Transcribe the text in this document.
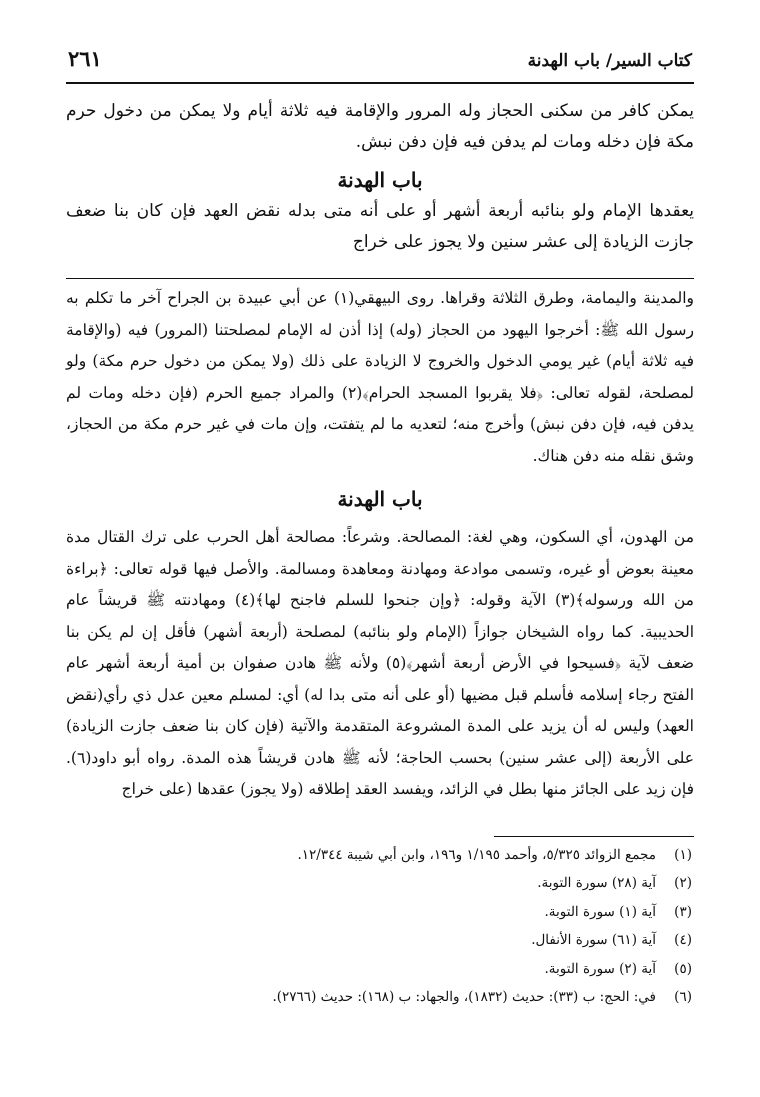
كتاب السير/ باب الهدنة
٢٦١

يمكن كافر من سكنى الحجاز وله المرور والإقامة فيه ثلاثة أيام ولا يمكن من دخول حرم مكة فإن دخله ومات لم يدفن فيه فإن دفن نبش.

باب الهدنة

يعقدها الإمام ولو بنائبه أربعة أشهر أو على أنه متى بدله نقض العهد فإن كان بنا ضعف جازت الزيادة إلى عشر سنين ولا يجوز على خراج

والمدينة واليمامة، وطرق الثلاثة وقراها. روى البيهقي(١) عن أبي عبيدة بن الجراح آخر ما تكلم به رسول الله ﷺ: أخرجوا اليهود من الحجاز (وله) إذا أذن له الإمام لمصلحتنا (المرور) فيه (والإقامة فيه ثلاثة أيام) غير يومي الدخول والخروج لا الزيادة على ذلك (ولا يمكن من دخول حرم مكة) ولو لمصلحة، لقوله تعالى: ﴿فلا يقربوا المسجد الحرام﴾(٢) والمراد جميع الحرم (فإن دخله ومات لم يدفن فيه، فإن دفن نبش) وأخرج منه؛ لتعديه ما لم يتفتت، وإن مات في غير حرم مكة من الحجاز، وشق نقله منه دفن هناك.

باب الهدنة

من الهدون، أي السكون، وهي لغة: المصالحة. وشرعاً: مصالحة أهل الحرب على ترك القتال مدة معينة بعوض أو غيره، وتسمى موادعة ومهادنة ومعاهدة ومسالمة. والأصل فيها قوله تعالى: ﴿براءة من الله ورسوله﴾(٣) الآية وقوله: ﴿وإن جنحوا للسلم فاجنح لها﴾(٤) ومهادنته ﷺ قريشاً عام الحديبية. كما رواه الشيخان جوازاً (الإمام ولو بنائبه) لمصلحة (أربعة أشهر) فأقل إن لم يكن بنا ضعف لآية ﴿فسيحوا في الأرض أربعة أشهر﴾(٥) ولأنه ﷺ هادن صفوان بن أمية أربعة أشهر عام الفتح رجاء إسلامه فأسلم قبل مضيها (أو على أنه متى بدا له) أي: لمسلم معين عدل ذي رأي(نقض العهد) وليس له أن يزيد على المدة المشروعة المتقدمة والآتية (فإن كان بنا ضعف جازت الزيادة) على الأربعة (إلى عشر سنين) بحسب الحاجة؛ لأنه ﷺ هادن قريشاً هذه المدة. رواه أبو داود(٦). فإن زيد على الجائز منها بطل في الزائد، ويفسد العقد إطلاقه (ولا يجوز) عقدها (على خراج

(١)
مجمع الزوائد ٥/٣٢٥، وأحمد ١/١٩٥ و١٩٦، وابن أبي شيبة ١٢/٣٤٤.
(٢)
آية (٢٨) سورة التوبة.
(٣)
آية (١) سورة التوبة.
(٤)
آية (٦١) سورة الأنفال.
(٥)
آية (٢) سورة التوبة.
(٦)
في: الحج: ب (٣٣): حديث (١٨٣٢)، والجهاد: ب (١٦٨): حديث (٢٧٦٦).
